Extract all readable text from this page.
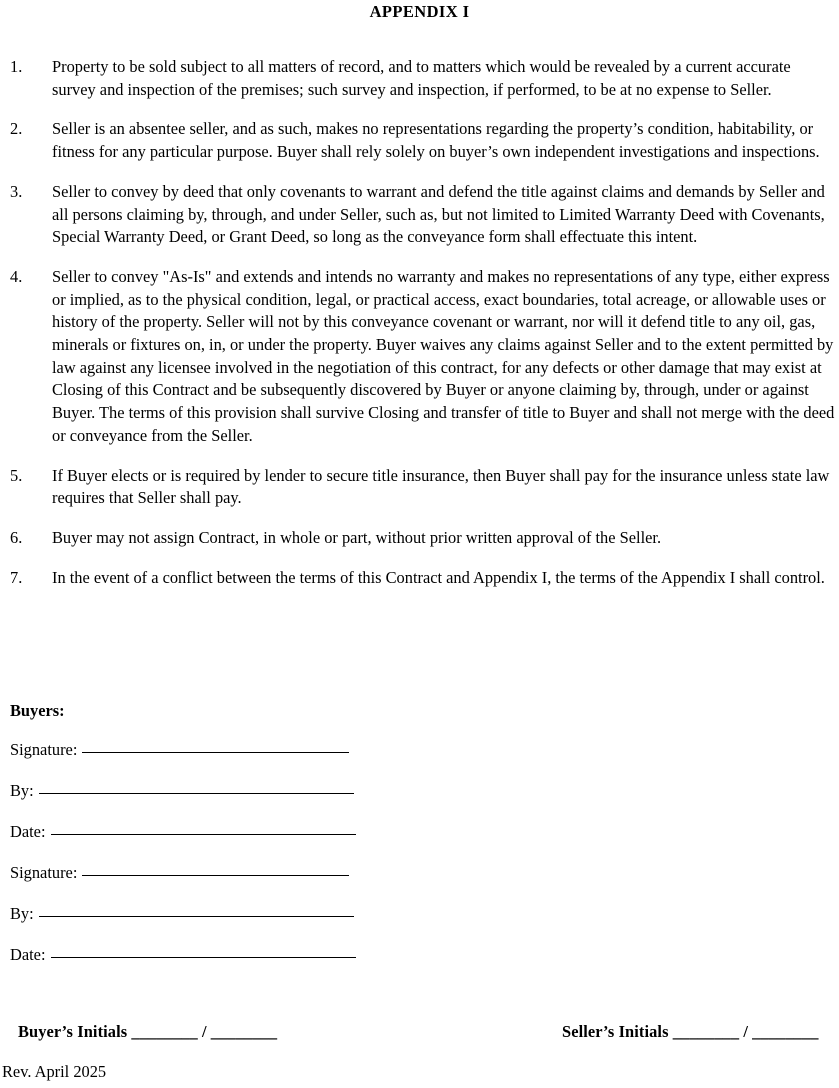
APPENDIX I
1. Property to be sold subject to all matters of record, and to matters which would be revealed by a current accurate survey and inspection of the premises; such survey and inspection, if performed, to be at no expense to Seller.
2. Seller is an absentee seller, and as such, makes no representations regarding the property’s condition, habitability, or fitness for any particular purpose. Buyer shall rely solely on buyer’s own independent investigations and inspections.
3. Seller to convey by deed that only covenants to warrant and defend the title against claims and demands by Seller and all persons claiming by, through, and under Seller, such as, but not limited to Limited Warranty Deed with Covenants, Special Warranty Deed, or Grant Deed, so long as the conveyance form shall effectuate this intent.
4. Seller to convey "As-Is" and extends and intends no warranty and makes no representations of any type, either express or implied, as to the physical condition, legal, or practical access, exact boundaries, total acreage, or allowable uses or history of the property. Seller will not by this conveyance covenant or warrant, nor will it defend title to any oil, gas, minerals or fixtures on, in, or under the property. Buyer waives any claims against Seller and to the extent permitted by law against any licensee involved in the negotiation of this contract, for any defects or other damage that may exist at Closing of this Contract and be subsequently discovered by Buyer or anyone claiming by, through, under or against Buyer. The terms of this provision shall survive Closing and transfer of title to Buyer and shall not merge with the deed or conveyance from the Seller.
5. If Buyer elects or is required by lender to secure title insurance, then Buyer shall pay for the insurance unless state law requires that Seller shall pay.
6. Buyer may not assign Contract, in whole or part, without prior written approval of the Seller.
7. In the event of a conflict between the terms of this Contract and Appendix I, the terms of the Appendix I shall control.
Buyers:
Signature:
By:
Date:
Signature:
By:
Date:
Buyer’s Initials ________ / ________	Seller’s Initials ________ / ________
Rev. April 2025
